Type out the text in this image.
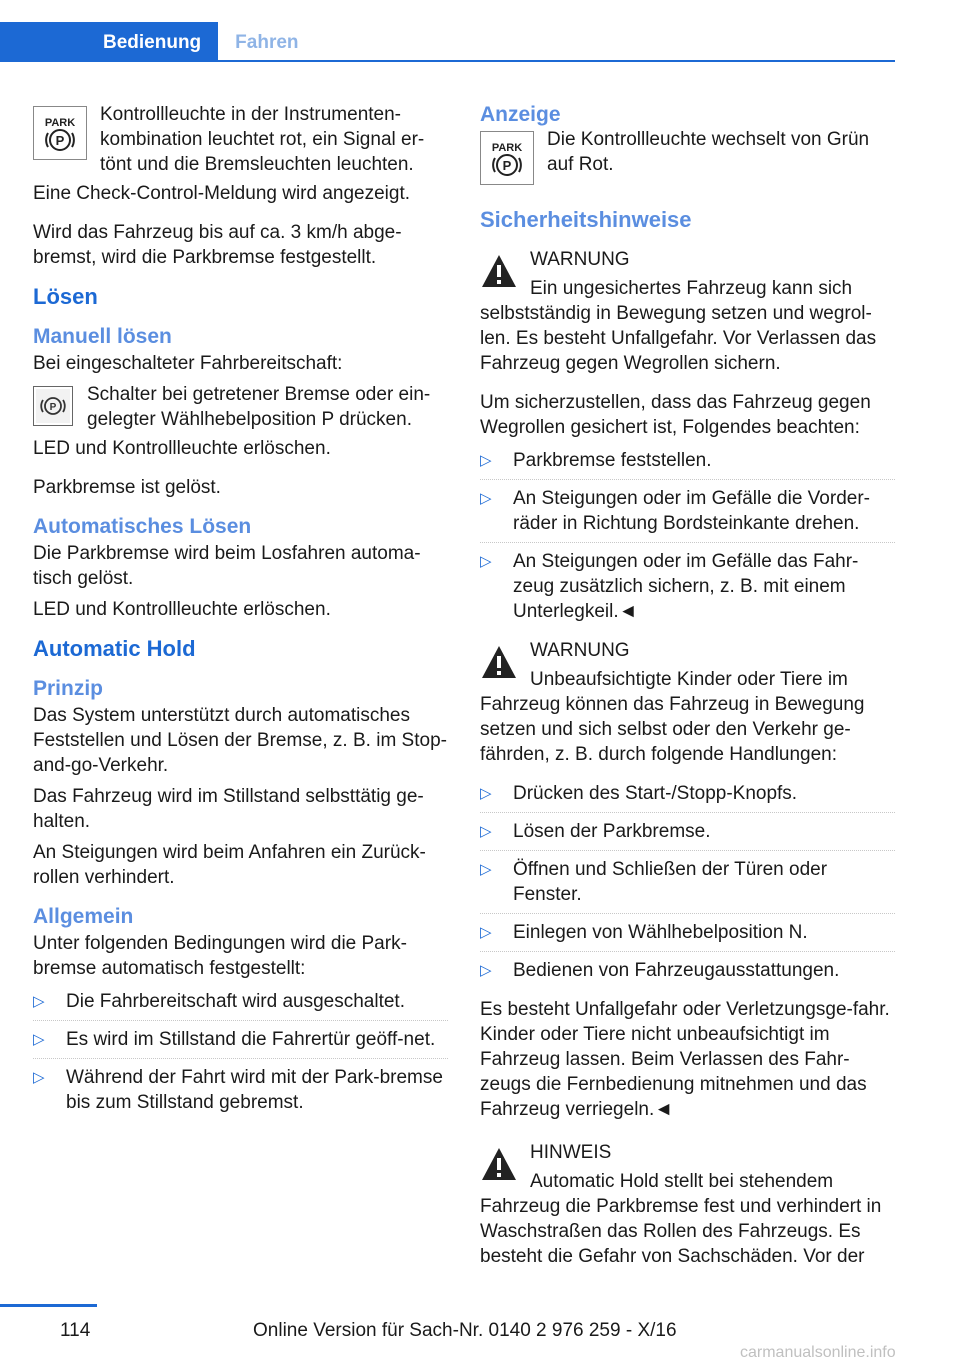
Bedienung	Fahren
PARK
P
Kontrollleuchte in der Instrumenten‐kombination leuchtet rot, ein Signal er‐tönt und die Bremsleuchten leuchten.

Eine Check-Control-Meldung wird angezeigt.

Wird das Fahrzeug bis auf ca. 3 km/h abge‐bremst, wird die Parkbremse festgestellt.

Lösen
Manuell lösen

Bei eingeschalteter Fahrbereitschaft:

P
Schalter bei getretener Bremse oder ein‐gelegter Wählhebelposition P drücken.

LED und Kontrollleuchte erlöschen.

Parkbremse ist gelöst.

Automatisches Lösen

Die Parkbremse wird beim Losfahren automa‐tisch gelöst.

LED und Kontrollleuchte erlöschen.

Automatic Hold
Prinzip

Das System unterstützt durch automatisches Feststellen und Lösen der Bremse, z. B. im Stop-and-go-Verkehr.

Das Fahrzeug wird im Stillstand selbsttätig ge‐halten.

An Steigungen wird beim Anfahren ein Zurück‐rollen verhindert.

Allgemein

Unter folgenden Bedingungen wird die Park‐bremse automatisch festgestellt:

▷ Die Fahrbereitschaft wird ausgeschaltet.
▷ Es wird im Stillstand die Fahrertür geöff‐net.
▷ Während der Fahrt wird mit der Park‐bremse bis zum Stillstand gebremst.
Anzeige
PARK
P
Die Kontrollleuchte wechselt von Grün auf Rot.
Sicherheitshinweise
WARNUNG
Ein ungesichertes Fahrzeug kann sich selbstständig in Bewegung setzen und wegrol‐len. Es besteht Unfallgefahr. Vor Verlassen das Fahrzeug gegen Wegrollen sichern.

Um sicherzustellen, dass das Fahrzeug gegen Wegrollen gesichert ist, Folgendes beachten:

▷ Parkbremse feststellen.
▷ An Steigungen oder im Gefälle die Vorder‐räder in Richtung Bordsteinkante drehen.
▷ An Steigungen oder im Gefälle das Fahr‐zeug zusätzlich sichern, z. B. mit einem Unterlegkeil.◄
WARNUNG
Unbeaufsichtigte Kinder oder Tiere im Fahrzeug können das Fahrzeug in Bewegung setzen und sich selbst oder den Verkehr ge‐fährden, z. B. durch folgende Handlungen:
▷ Drücken des Start-/Stopp-Knopfs.
▷ Lösen der Parkbremse.
▷ Öffnen und Schließen der Türen oder Fenster.
▷ Einlegen von Wählhebelposition N.
▷ Bedienen von Fahrzeugausstattungen.

Es besteht Unfallgefahr oder Verletzungsge‐fahr. Kinder oder Tiere nicht unbeaufsichtigt im Fahrzeug lassen. Beim Verlassen des Fahr‐zeugs die Fernbedienung mitnehmen und das Fahrzeug verriegeln.◄

HINWEIS
Automatic Hold stellt bei stehendem Fahrzeug die Parkbremse fest und verhindert in Waschstraßen das Rollen des Fahrzeugs. Es besteht die Gefahr von Sachschäden. Vor der
114	Online Version für Sach-Nr. 0140 2 976 259 - X/16
carmanualsonline.info
